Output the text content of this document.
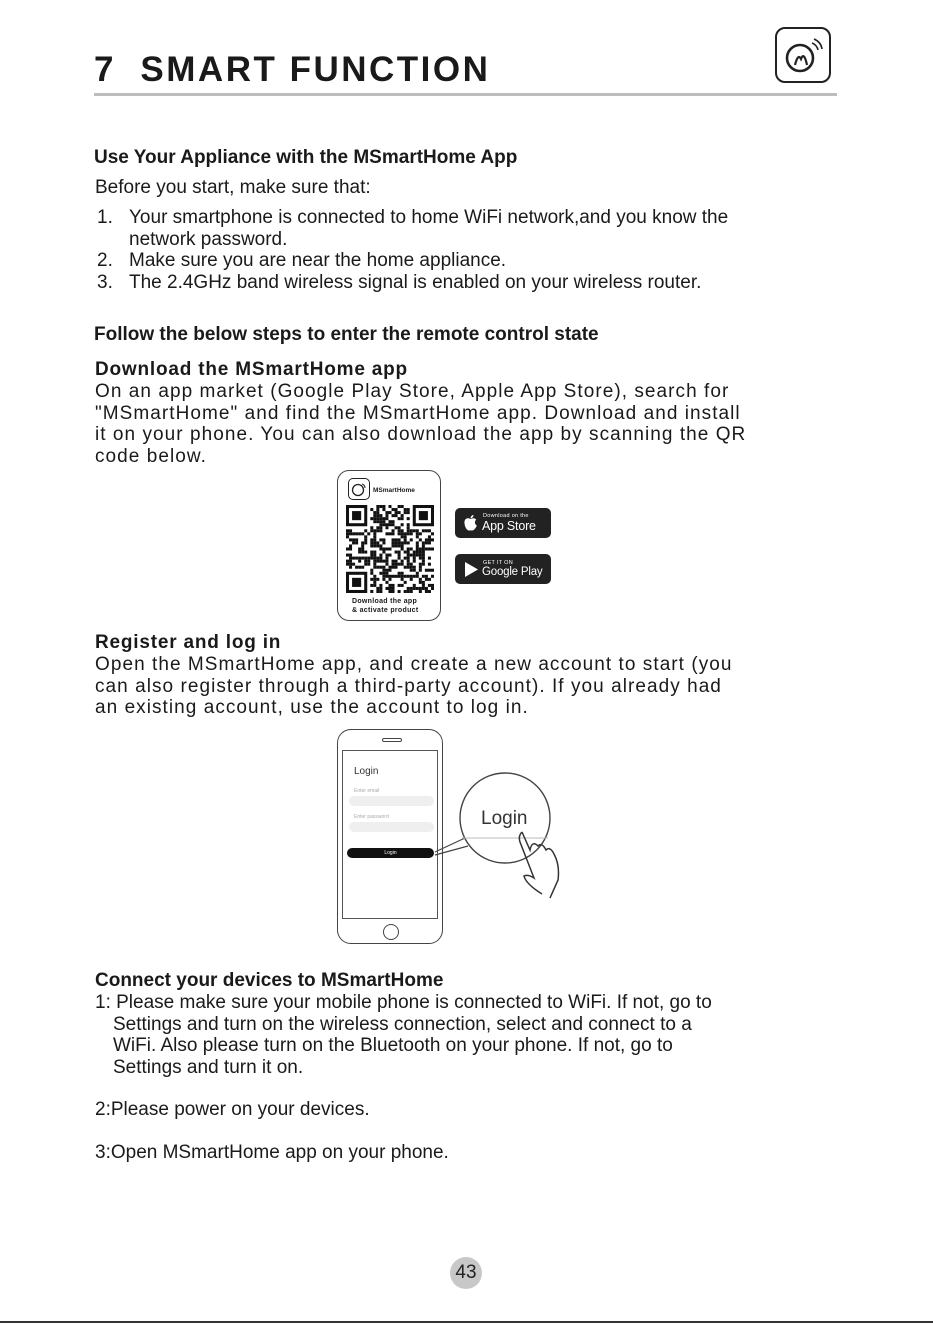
7  SMART FUNCTION
Use Your Appliance with the MSmartHome App

Before you start, make sure that:

1. Your smartphone is connected to home WiFi network,and you know the
network password.
2. Make sure you are near the home appliance.
3. The 2.4GHz band wireless signal is enabled on your wireless router.
Follow the below steps to enter the remote control state
Download the MSmartHome app
On an app market (Google Play Store, Apple App Store), search for
"MSmartHome" and find the MSmartHome app. Download and install
it on your phone. You can also download the app by scanning the QR
code below.
MSmartHome
Download the app
& activate product
Download on the
App Store
GET IT ON
Google Play
Register and log in
Open the MSmartHome app, and create a new account to start (you
can also register through a third-party account). If you already had
an existing account, use the account to log in.
Login
Enter email
Enter password
Login
Login
Connect your devices to MSmartHome

1: Please make sure your mobile phone is connected to WiFi. If not, go to

Settings and turn on the wireless connection, select and connect to a

WiFi. Also please turn on the Bluetooth on your phone. If not, go to

Settings and turn it on.

2:Please power on your devices.

3:Open MSmartHome app on your phone.

43
